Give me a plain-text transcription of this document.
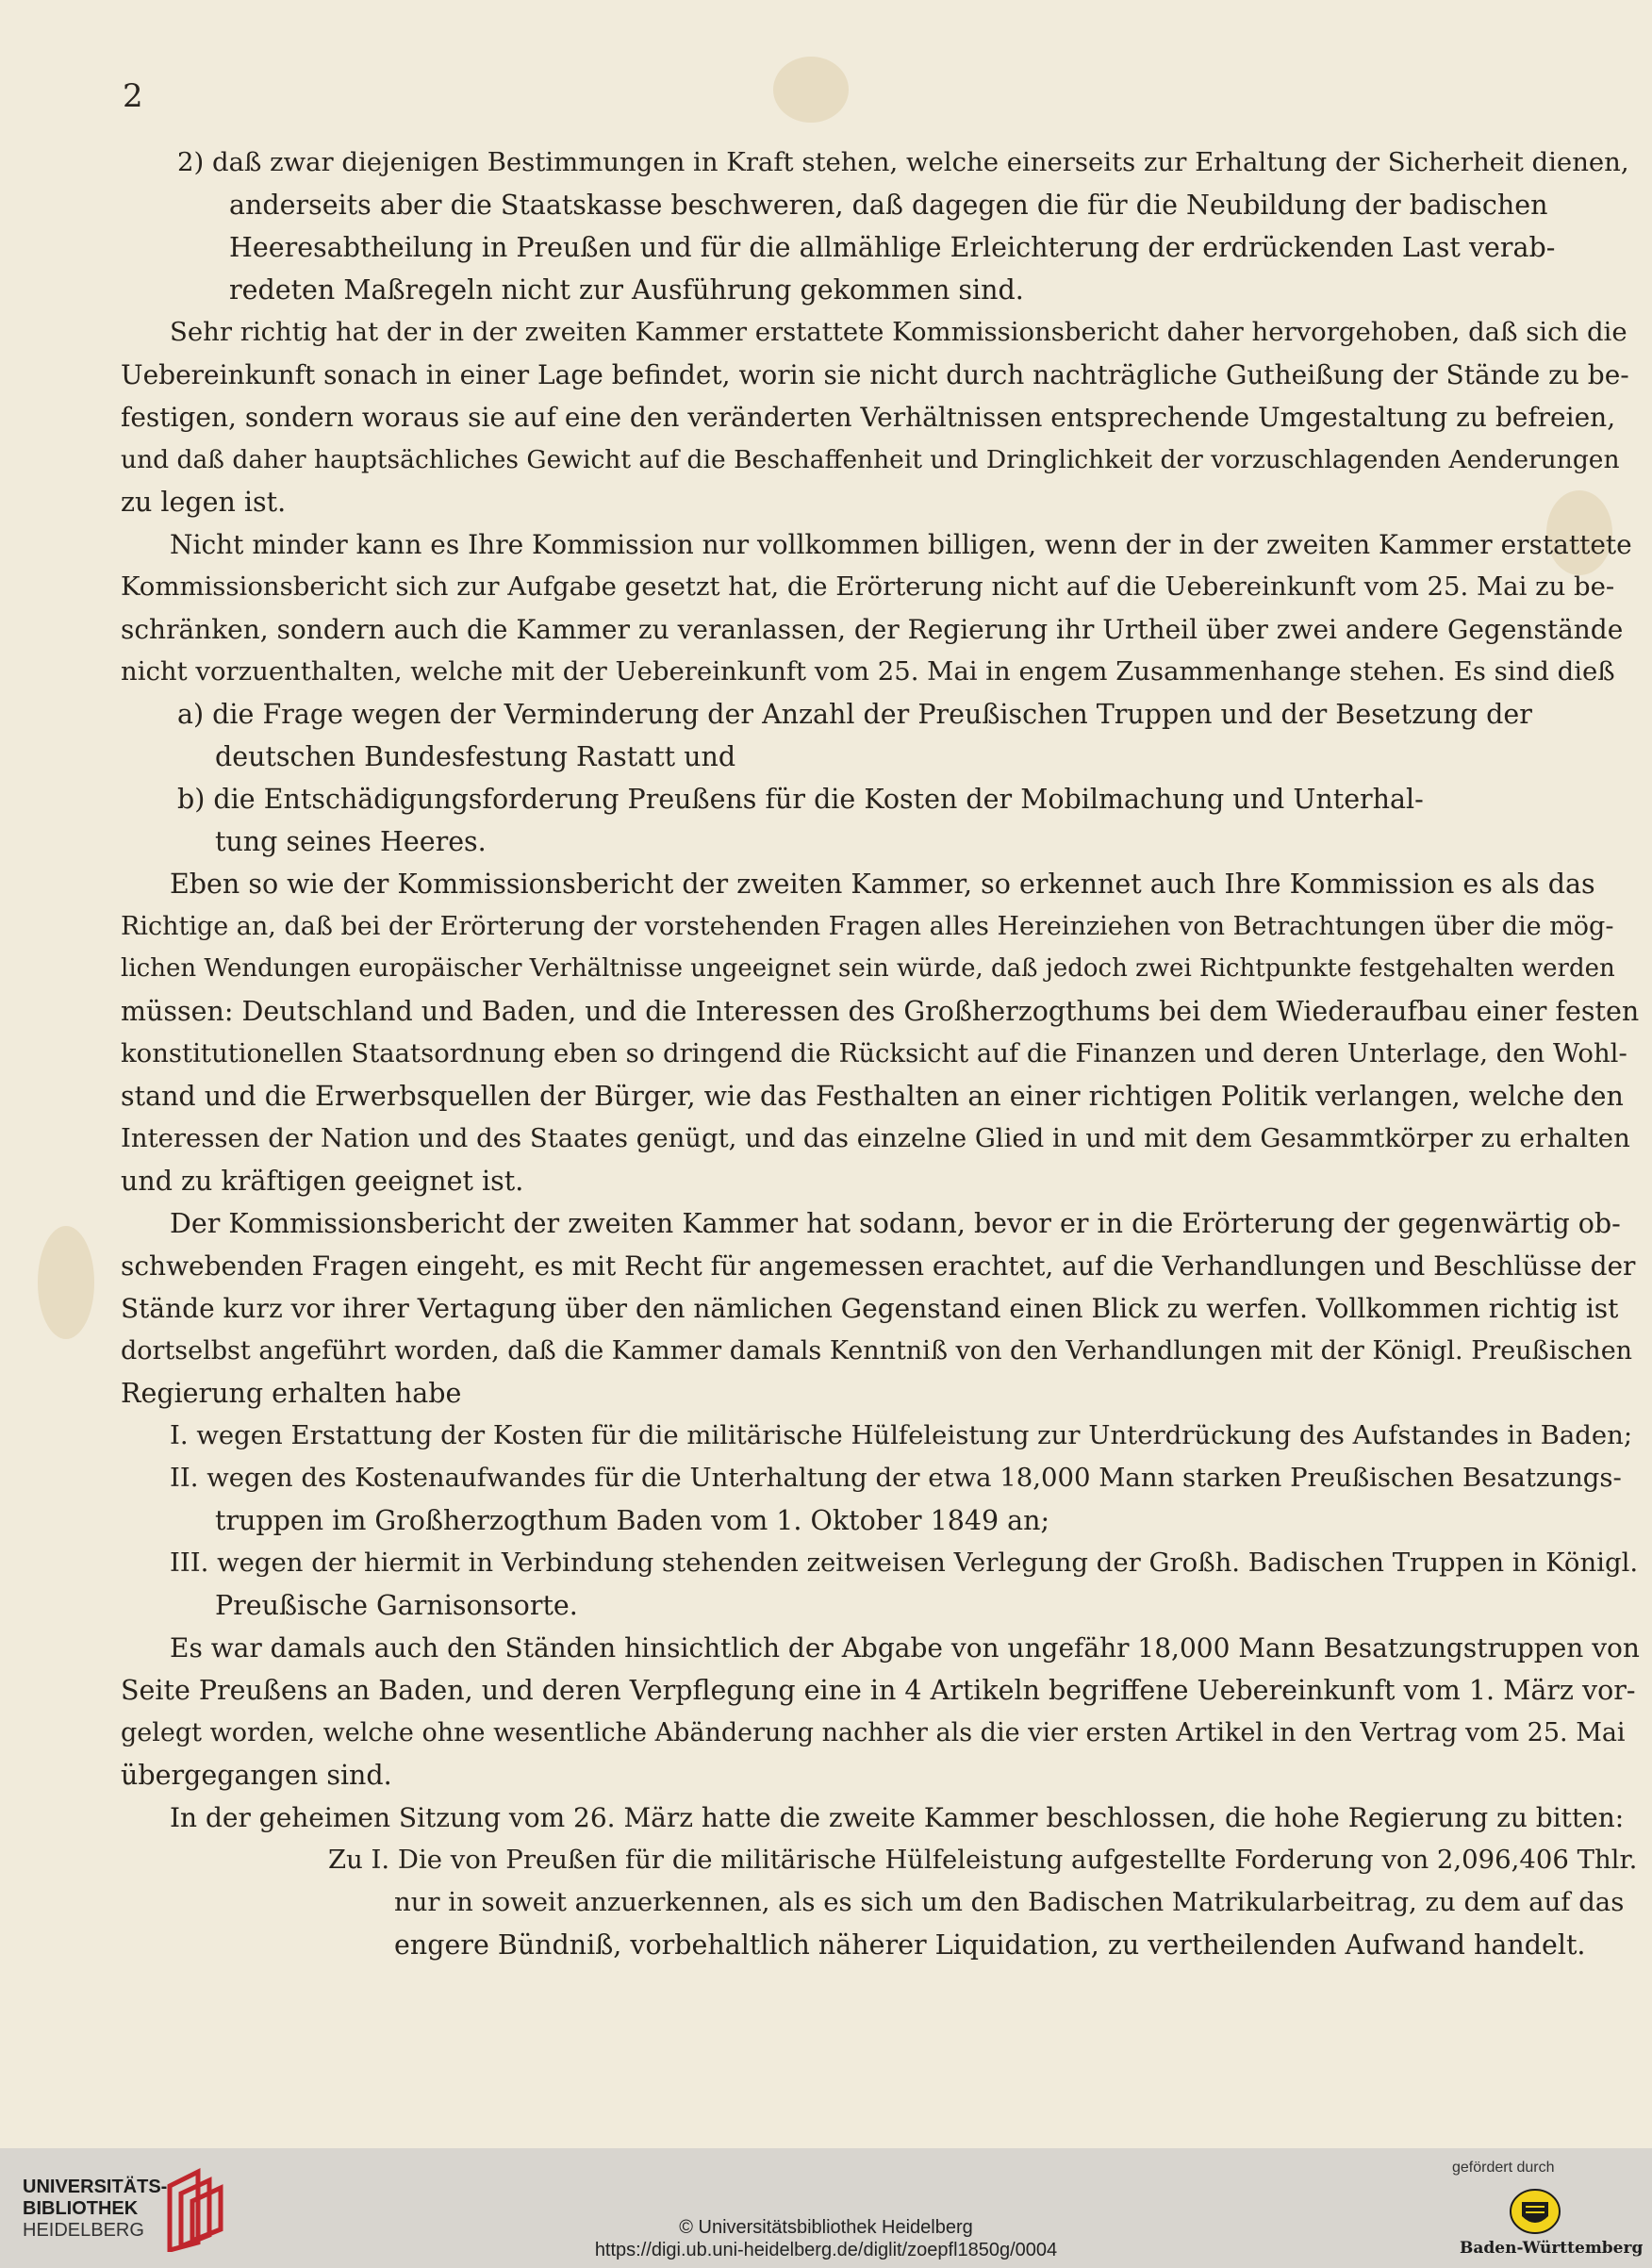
2
2) daß zwar diejenigen Bestimmungen in Kraft stehen, welche einerseits zur Erhaltung der Sicherheit dienen,
anderseits aber die Staatskasse beschweren, daß dagegen die für die Neubildung der badischen
Heeresabtheilung in Preußen und für die allmählige Erleichterung der erdrückenden Last verab-
redeten Maßregeln nicht zur Ausführung gekommen sind.
Sehr richtig hat der in der zweiten Kammer erstattete Kommissionsbericht daher hervorgehoben, daß sich die
Uebereinkunft sonach in einer Lage befindet, worin sie nicht durch nachträgliche Gutheißung der Stände zu be-
festigen, sondern woraus sie auf eine den veränderten Verhältnissen entsprechende Umgestaltung zu befreien,
und daß daher hauptsächliches Gewicht auf die Beschaffenheit und Dringlichkeit der vorzuschlagenden Aenderungen
zu legen ist.
Nicht minder kann es Ihre Kommission nur vollkommen billigen, wenn der in der zweiten Kammer erstattete
Kommissionsbericht sich zur Aufgabe gesetzt hat, die Erörterung nicht auf die Uebereinkunft vom 25. Mai zu be-
schränken, sondern auch die Kammer zu veranlassen, der Regierung ihr Urtheil über zwei andere Gegenstände
nicht vorzuenthalten, welche mit der Uebereinkunft vom 25. Mai in engem Zusammenhange stehen. Es sind dieß
a) die Frage wegen der Verminderung der Anzahl der Preußischen Truppen und der Besetzung der
deutschen Bundesfestung Rastatt und
b) die Entschädigungsforderung Preußens für die Kosten der Mobilmachung und Unterhal-
tung seines Heeres.
Eben so wie der Kommissionsbericht der zweiten Kammer, so erkennet auch Ihre Kommission es als das
Richtige an, daß bei der Erörterung der vorstehenden Fragen alles Hereinziehen von Betrachtungen über die mög-
lichen Wendungen europäischer Verhältnisse ungeeignet sein würde, daß jedoch zwei Richtpunkte festgehalten werden
müssen: Deutschland und Baden, und die Interessen des Großherzogthums bei dem Wiederaufbau einer festen
konstitutionellen Staatsordnung eben so dringend die Rücksicht auf die Finanzen und deren Unterlage, den Wohl-
stand und die Erwerbsquellen der Bürger, wie das Festhalten an einer richtigen Politik verlangen, welche den
Interessen der Nation und des Staates genügt, und das einzelne Glied in und mit dem Gesammtkörper zu erhalten
und zu kräftigen geeignet ist.
Der Kommissionsbericht der zweiten Kammer hat sodann, bevor er in die Erörterung der gegenwärtig ob-
schwebenden Fragen eingeht, es mit Recht für angemessen erachtet, auf die Verhandlungen und Beschlüsse der
Stände kurz vor ihrer Vertagung über den nämlichen Gegenstand einen Blick zu werfen. Vollkommen richtig ist
dortselbst angeführt worden, daß die Kammer damals Kenntniß von den Verhandlungen mit der Königl. Preußischen
Regierung erhalten habe
I. wegen Erstattung der Kosten für die militärische Hülfeleistung zur Unterdrückung des Aufstandes in Baden;
II. wegen des Kostenaufwandes für die Unterhaltung der etwa 18,000 Mann starken Preußischen Besatzungs-
truppen im Großherzogthum Baden vom 1. Oktober 1849 an;
III. wegen der hiermit in Verbindung stehenden zeitweisen Verlegung der Großh. Badischen Truppen in Königl.
Preußische Garnisonsorte.
Es war damals auch den Ständen hinsichtlich der Abgabe von ungefähr 18,000 Mann Besatzungstruppen von
Seite Preußens an Baden, und deren Verpflegung eine in 4 Artikeln begriffene Uebereinkunft vom 1. März vor-
gelegt worden, welche ohne wesentliche Abänderung nachher als die vier ersten Artikel in den Vertrag vom 25. Mai
übergegangen sind.
In der geheimen Sitzung vom 26. März hatte die zweite Kammer beschlossen, die hohe Regierung zu bitten:
Zu I. Die von Preußen für die militärische Hülfeleistung aufgestellte Forderung von 2,096,406 Thlr.
nur in soweit anzuerkennen, als es sich um den Badischen Matrikularbeitrag, zu dem auf das
engere Bündniß, vorbehaltlich näherer Liquidation, zu vertheilenden Aufwand handelt.
UNIVERSITÄTS-
BIBLIOTHEK
HEIDELBERG	© Universitätsbibliothek Heidelberg
https://digi.ub.uni-heidelberg.de/diglit/zoepfl1850g/0004
gefördert durch
Baden-Württemberg
